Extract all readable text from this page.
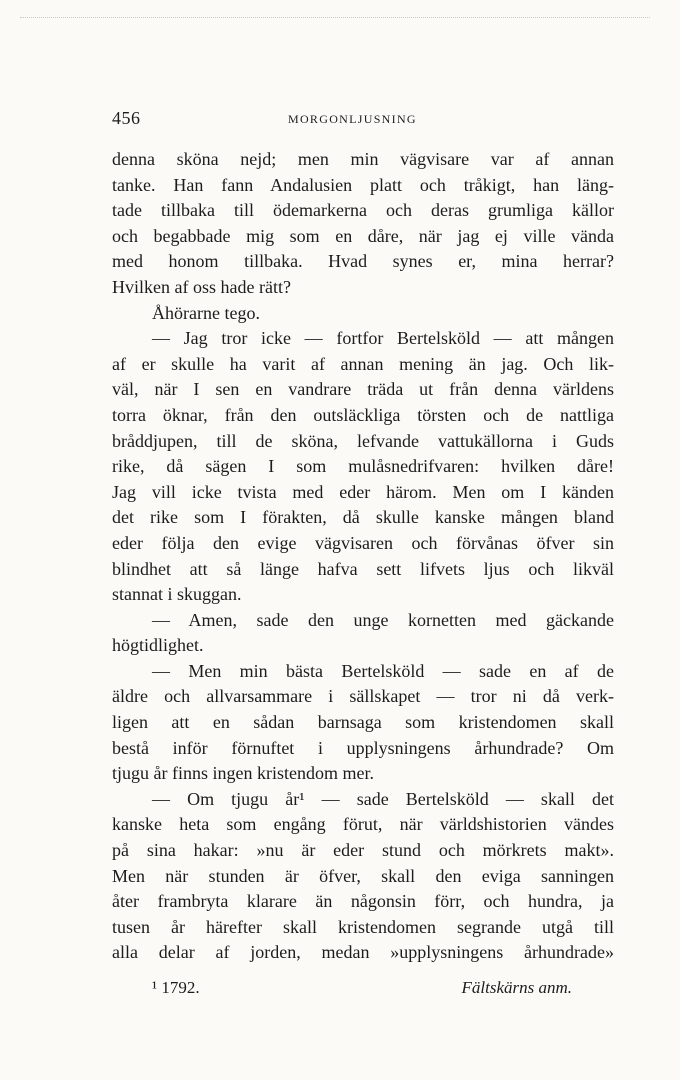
456	MORGONLJUSNING
denna sköna nejd; men min vägvisare var af annan
tanke. Han fann Andalusien platt och tråkigt, han läng-
tade tillbaka till ödemarkerna och deras grumliga källor
och begabbade mig som en dåre, när jag ej ville vända
med honom tillbaka. Hvad synes er, mina herrar?
Hvilken af oss hade rätt?
Åhörarne tego.
— Jag tror icke — fortfor Bertelsköld — att mången
af er skulle ha varit af annan mening än jag. Och lik-
väl, när I sen en vandrare träda ut från denna världens
torra öknar, från den outsläckliga törsten och de nattliga
bråddjupen, till de sköna, lefvande vattukällorna i Guds
rike, då sägen I som mulåsnedrifvaren: hvilken dåre!
Jag vill icke tvista med eder härom. Men om I känden
det rike som I förakten, då skulle kanske mången bland
eder följa den evige vägvisaren och förvånas öfver sin
blindhet att så länge hafva sett lifvets ljus och likväl
stannat i skuggan.
— Amen, sade den unge kornetten med gäckande
högtidlighet.
— Men min bästa Bertelsköld — sade en af de
äldre och allvarsammare i sällskapet — tror ni då verk-
ligen att en sådan barnsaga som kristendomen skall
bestå inför förnuftet i upplysningens århundrade? Om
tjugu år finns ingen kristendom mer.
— Om tjugu år¹ — sade Bertelsköld — skall det
kanske heta som engång förut, när världshistorien vändes
på sina hakar: »nu är eder stund och mörkrets makt».
Men när stunden är öfver, skall den eviga sanningen
åter frambryta klarare än någonsin förr, och hundra, ja
tusen år härefter skall kristendomen segrande utgå till
alla delar af jorden, medan »upplysningens århundrade»
¹ 1792.	Fältskärns anm.
